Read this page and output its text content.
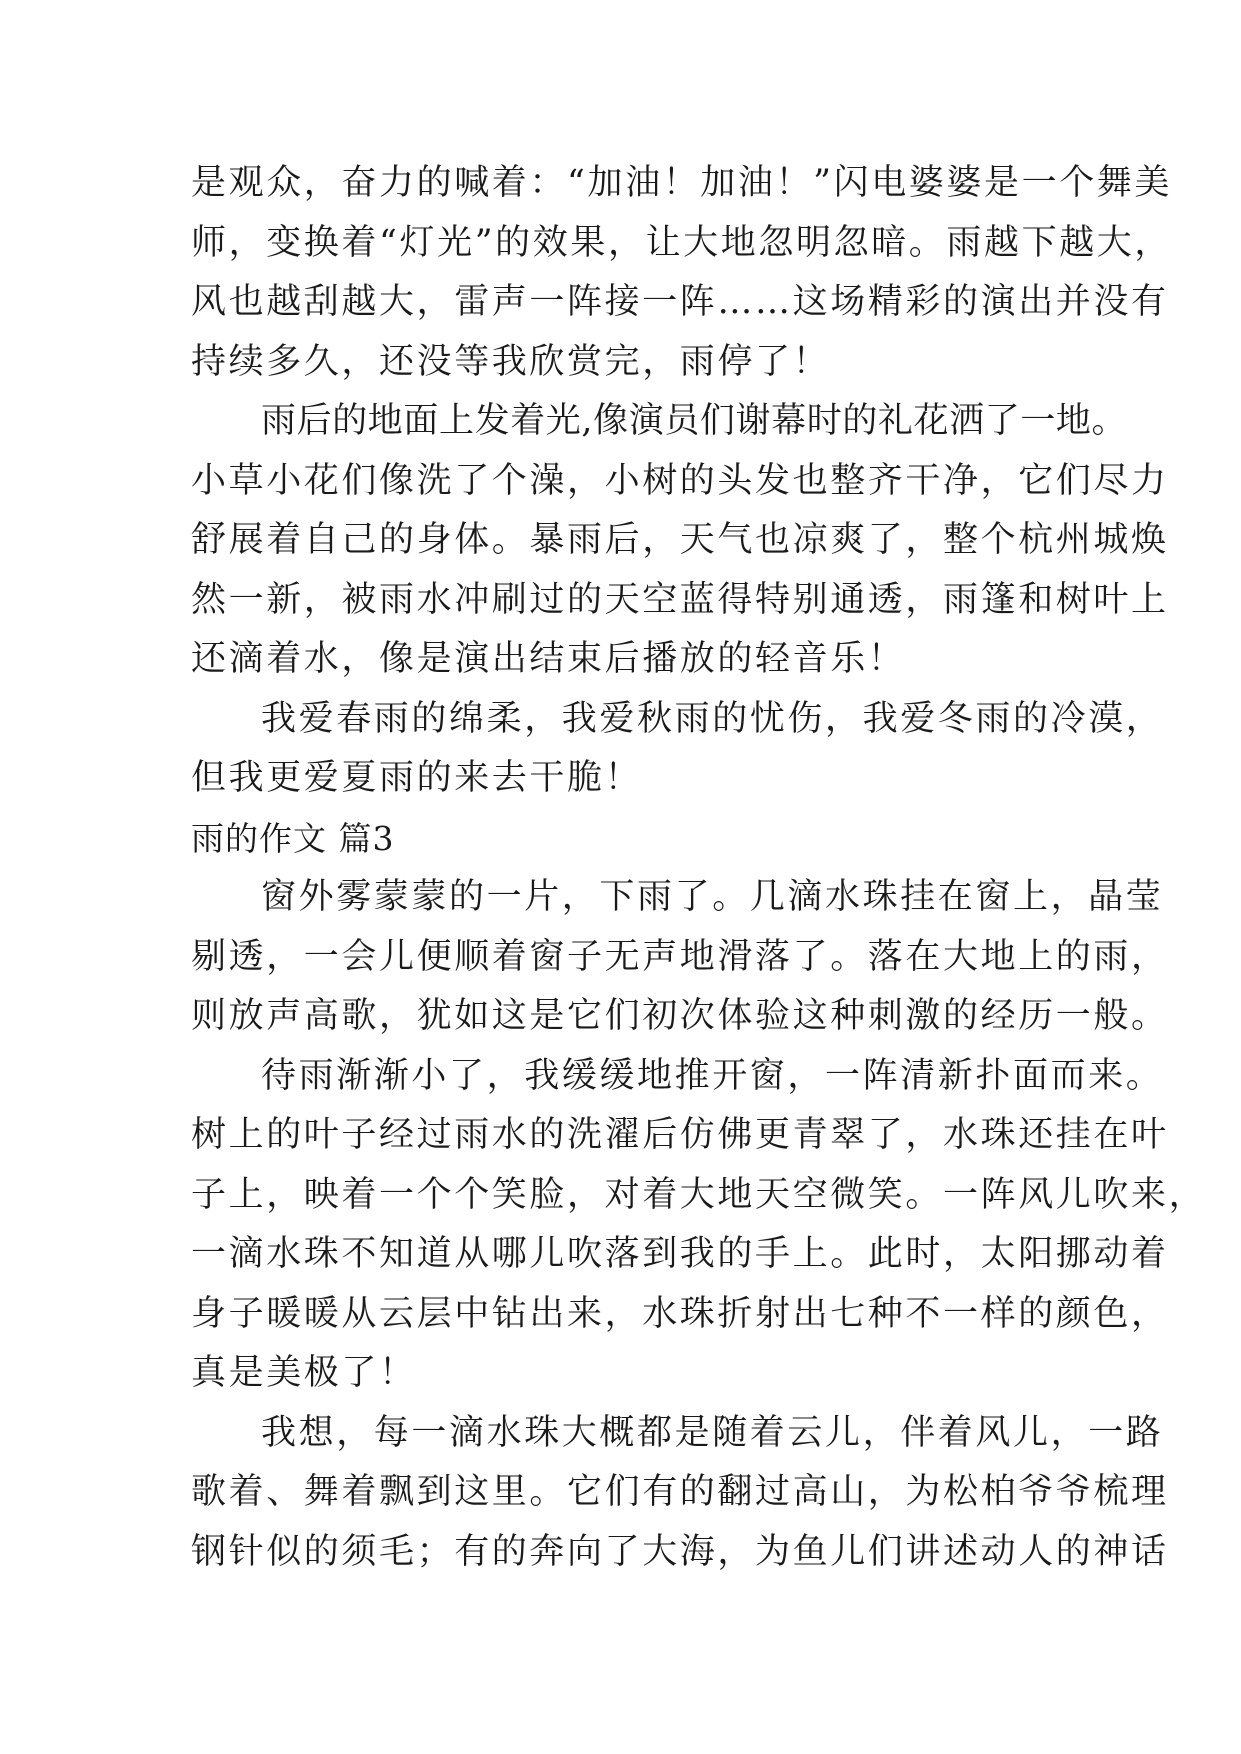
是观众，奋力的喊着：“加油！加油！”闪电婆婆是一个舞美
师，变换着“灯光”的效果，让大地忽明忽暗。雨越下越大，
风也越刮越大，雷声一阵接一阵……这场精彩的演出并没有
持续多久，还没等我欣赏完，雨停了！
雨后的地面上发着光,像演员们谢幕时的礼花洒了一地。
小草小花们像洗了个澡，小树的头发也整齐干净，它们尽力
舒展着自己的身体。暴雨后，天气也凉爽了，整个杭州城焕
然一新，被雨水冲刷过的天空蓝得特别通透，雨篷和树叶上
还滴着水，像是演出结束后播放的轻音乐！
我爱春雨的绵柔，我爱秋雨的忧伤，我爱冬雨的冷漠，
但我更爱夏雨的来去干脆！
雨的作文 篇3
窗外雾蒙蒙的一片，下雨了。几滴水珠挂在窗上，晶莹
剔透，一会儿便顺着窗子无声地滑落了。落在大地上的雨，
则放声高歌，犹如这是它们初次体验这种刺激的经历一般。
待雨渐渐小了，我缓缓地推开窗，一阵清新扑面而来。
树上的叶子经过雨水的洗濯后仿佛更青翠了，水珠还挂在叶
子上，映着一个个笑脸，对着大地天空微笑。一阵风儿吹来，
一滴水珠不知道从哪儿吹落到我的手上。此时，太阳挪动着
身子暖暖从云层中钻出来，水珠折射出七种不一样的颜色，
真是美极了！
我想，每一滴水珠大概都是随着云儿，伴着风儿，一路
歌着、舞着飘到这里。它们有的翻过高山，为松柏爷爷梳理
钢针似的须毛；有的奔向了大海，为鱼儿们讲述动人的神话
